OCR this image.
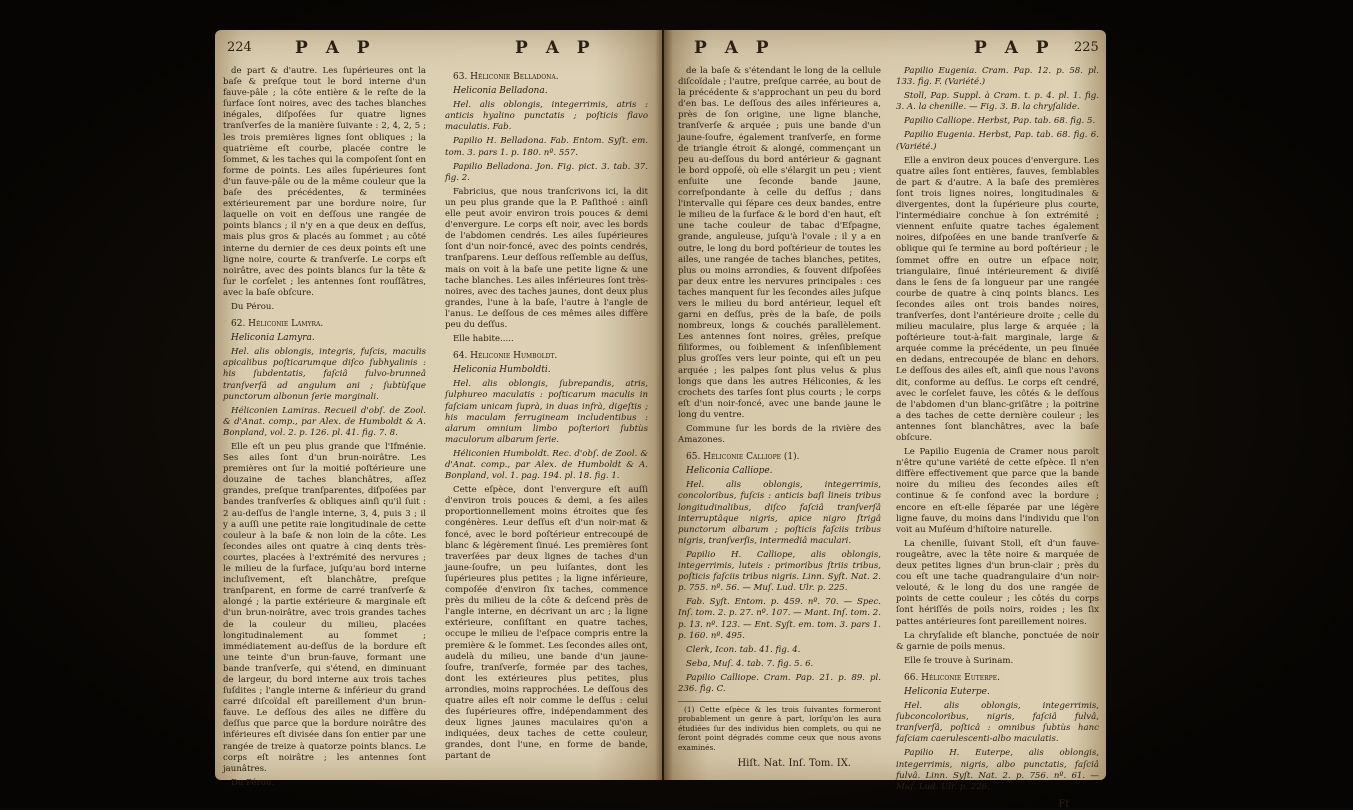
224	P A P	P A P

de part & d'autre. Les ſupérieures ont la baſe & preſque tout le bord interne d'un fauve-pâle ; la côte entière & le reſte de la ſurface ſont noires, avec des taches blanches inégales, diſpoſées ſur quatre lignes tranſverſes de la manière ſuivante : 2, 4, 2, 5 ; les trois premières lignes ſont obliques ; la quatrième eſt courbe, placée contre le ſommet, & les taches qui la compoſent ſont en forme de points. Les ailes ſupérieures ſont d'un fauve-pâle ou de la même couleur que la baſe des précédentes, & terminées extérieurement par une bordure noire, ſur laquelle on voit en deſſous une rangée de points blancs ; il n'y en a que deux en deſſus, mais plus gros & placés au ſommet ; au côté interne du dernier de ces deux points eſt une ligne noire, courte & tranſverſe. Le corps eſt noirâtre, avec des points blancs ſur la tête & ſur le corſelet ; les antennes ſont rouſſâtres, avec la baſe obſcure.

Du Pérou.

62. Héliconie Lamyra.

Heliconia Lamyra.

Hel. alis oblongis, integris, fuſcis, maculis apicalibus poſticarumque diſco ſubhyalinis : his ſubdentatis, faſciâ fulvo-brunneâ tranſverſâ ad angulum ani ; ſubtùſque punctorum albonun ſerie marginali.

Héliconien Lamiras. Recueil d'obſ. de Zool. & d'Anat. comp., par Alex. de Humboldt & A. Bonpland, vol. 2. p. 126. pl. 41. fig. 7. 8.

Elle eſt un peu plus grande que l'Ifménie. Ses ailes ſont d'un brun-noirâtre. Les premières ont ſur la moitié poſtérieure une douzaine de taches blanchâtres, aſſez grandes, preſque tranſparentes, diſpoſées par bandes tranſverſes & obliques ainſi qu'il ſuit : 2 au-deſſus de l'angle interne, 3, 4, puis 3 ; il y a auſſi une petite raie longitudinale de cette couleur à la baſe & non loin de la côte. Les ſecondes ailes ont quatre à cinq dents très-courtes, placées à l'extrémité des nervures ; le milieu de la ſurface, juſqu'au bord interne incluſivement, eſt blanchâtre, preſque tranſparent, en forme de carré tranſverſe & alongé ; la partie extérieure & marginale eſt d'un brun-noirâtre, avec trois grandes taches de la couleur du milieu, placées longitudinalement au ſommet ; immédiatement au-deſſus de la bordure eſt une teinte d'un brun-fauve, formant une bande tranſverſe, qui s'étend, en diminuant de largeur, du bord interne aux trois taches ſuſdites ; l'angle interne & inférieur du grand carré diſcoïdal eſt pareillement d'un brun-fauve. Le deſſous des ailes ne diffère du deſſus que parce que la bordure noirâtre des inférieures eſt divisée dans ſon entier par une rangée de treize à quatorze points blancs. Le corps eſt noirâtre ; les antennes ſont jaunâtres.

Du Pérou.

63. Héliconie Belladona.

Heliconia Belladona.

Hel. alis oblongis, integerrimis, atris : anticis hyalino punctatis ; poſticis flavo maculatis. Fab.

Papilio H. Belladona. Fab. Entom. Syſt. em. tom. 3. pars 1. p. 180. nº. 557.

Papilio Belladona. Jon. Fig. pict. 3. tab. 37. fig. 2.

Fabricius, que nous tranſcrivons ici, la dit un peu plus grande que la P. Paſithoé : ainſi elle peut avoir environ trois pouces & demi d'envergure. Le corps eſt noir, avec les bords de l'abdomen cendrés. Les ailes ſupérieures ſont d'un noir-foncé, avec des points cendrés, tranſparens. Leur deſſous reſſemble au deſſus, mais on voit à la baſe une petite ligne & une tache blanches. Les ailes inférieures ſont très-noires, avec des taches jaunes, dont deux plus grandes, l'une à la baſe, l'autre à l'angle de l'anus. Le deſſous de ces mêmes ailes diffère peu du deſſus.

Elle habite.....

64. Héliconie Humboldt.

Heliconia Humboldti.

Hel. alis oblongis, ſubrepandis, atris, ſulphureo maculatis : poſticarum maculis in faſciam unicam ſuprà, in duas infrà, digeſtis ; his maculam ferrugineam includentibus : alarum omnium limbo poſteriori ſubtùs maculorum albarum ſerie.

Héliconien Humboldt. Rec. d'obſ. de Zool. & d'Anat. comp., par Alex. de Humboldt & A. Bonpland, vol. 1. pag. 194. pl. 18. fig. 1.

Cette eſpèce, dont l'envergure eſt auſſi d'environ trois pouces & demi, a ſes ailes proportionnellement moins étroites que ſes congénères. Leur deſſus eſt d'un noir-mat & foncé, avec le bord poſtérieur entrecoupé de blanc & légèrement ſinué. Les premières ſont traverſées par deux lignes de taches d'un jaune-ſoufre, un peu luiſantes, dont les ſupérieures plus petites ; la ligne inférieure, compoſée d'environ ſix taches, commence près du milieu de la côte & deſcend près de l'angle interne, en décrivant un arc ; la ligne extérieure, conſiſtant en quatre taches, occupe le milieu de l'eſpace compris entre la première & le ſommet. Les ſecondes ailes ont, audelà du milieu, une bande d'un jaune-ſoufre, tranſverſe, formée par des taches, dont les extérieures plus petites, plus arrondies, moins rapprochées. Le deſſous des quatre ailes eſt noir comme le deſſus : celui des ſupérieures offre, indépendamment des deux lignes jaunes maculaires qu'on a indiquées, deux taches de cette couleur, grandes, dont l'une, en forme de bande, partant de

P A P	P A P 225

de la baſe & s'étendant le long de la cellule diſcoïdale ; l'autre, preſque carrée, au bout de la précédente & s'approchant un peu du bord d'en bas. Le deſſous des ailes inférieures a, près de ſon origine, une ligne blanche, tranſverſe & arquée ; puis une bande d'un jaune-ſoufre, également tranſverſe, en forme de triangle étroit & alongé, commençant un peu au-deſſous du bord antérieur & gagnant le bord oppoſé, où elle s'élargit un peu ; vient enſuite une ſeconde bande jaune, correſpondante à celle du deſſus ; dans l'intervalle qui ſépare ces deux bandes, entre le milieu de la ſurface & le bord d'en haut, eſt une tache couleur de tabac d'Eſpagne, grande, anguleuse, juſqu'à l'ovale ; il y a en outre, le long du bord poſtérieur de toutes les ailes, une rangée de taches blanches, petites, plus ou moins arrondies, & ſouvent diſpoſées par deux entre les nervures principales : ces taches manquent ſur les ſecondes ailes juſque vers le milieu du bord antérieur, lequel eſt garni en deſſus, près de la baſe, de poils nombreux, longs & couchés parallèlement. Les antennes ſont noires, grêles, preſque filiformes, ou foiblement & inſenſiblement plus groſſes vers leur pointe, qui eſt un peu arquée ; les palpes ſont plus velus & plus longs que dans les autres Héliconies, & les crochets des tarſes ſont plus courts ; le corps eſt d'un noir-foncé, avec une bande jaune le long du ventre.

Commune ſur les bords de la rivière des Amazones.

65. Héliconie Calliope (1).

Heliconia Calliope.

Hel. alis oblongis, integerrimis, concoloribus, fuſcis : anticis baſi lineis tribus longitudinalibus, diſco faſciâ tranſverſâ interruptâque nigris, apice nigro ſtrigâ punctorum albarum ; poſticis faſciis tribus nigris, tranſverſis, intermediâ maculari.

Papilio H. Calliope, alis oblongis, integerrimis, luteis : primoribus ſtriis tribus, poſticis faſciis tribus nigris. Linn. Syſt. Nat. 2. p. 755. nº. 56. — Muſ. Lud. Ulr. p. 225.

Fab. Syſt. Entom. p. 459. nº. 70. — Spec. Inſ. tom. 2. p. 27. nº. 107. — Mant. Inſ. tom. 2. p. 13. nº. 123. — Ent. Syſt. em. tom. 3. pars 1. p. 160. nº. 495.

Clerk, Icon. tab. 41. fig. 4.

Seba, Muſ. 4. tab. 7. fig. 5. 6.

Papilio Calliope. Cram. Pap. 21. p. 89. pl. 236. fig. C.

(1) Cette eſpèce & les trois ſuivantes formeront probablement un genre à part, lorſqu'on les aura étudiées ſur des individus bien complets, ou qui ne ſeront point dégradés comme ceux que nous avons examinés.

Hiſt. Nat. Inſ. Tom. IX.

Papilio Eugenia. Cram. Pap. 12. p. 58. pl. 133. fig. F. (Variété.)

Stoll, Pap. Suppl. à Cram. t. p. 4. pl. 1. fig. 3. A. la chenille. — Fig. 3. B. la chryſalide.

Papilio Calliope. Herbst, Pap. tab. 68. fig. 5.

Papilio Eugenia. Herbst, Pap. tab. 68. fig. 6. (Variété.)

Elle a environ deux pouces d'envergure. Les quatre ailes ſont entières, fauves, ſemblables de part & d'autre. A la baſe des premières ſont trois lignes noires, longitudinales & divergentes, dont la ſupérieure plus courte, l'intermédiaire conchue à ſon extrémité ; viennent enſuite quatre taches également noires, diſpoſées en une bande tranſverſe & oblique qui ſe termine au bord poſtérieur ; le ſommet offre en outre un eſpace noir, triangulaire, ſinué intérieurement & diviſé dans le ſens de ſa longueur par une rangée courbe de quatre à cinq points blancs. Les ſecondes ailes ont trois bandes noires, tranſverſes, dont l'antérieure droite ; celle du milieu maculaire, plus large & arquée ; la poſtérieure tout-à-fait marginale, large & arquée comme la précédente, un peu ſinuée en dedans, entrecoupée de blanc en dehors. Le deſſous des ailes eſt, ainſi que nous l'avons dit, conforme au deſſus. Le corps eſt cendré, avec le corſelet fauve, les côtés & le deſſous de l'abdomen d'un blanc-griſâtre ; la poitrine a des taches de cette dernière couleur ; les antennes ſont blanchâtres, avec la baſe obſcure.

Le Papilio Eugenia de Cramer nous paroît n'être qu'une variété de cette eſpèce. Il n'en diffère effectivement que parce que la bande noire du milieu des ſecondes ailes eſt continue & ſe confond avec la bordure ; encore en eſt-elle ſéparée par une légère ligne fauve, du moins dans l'individu que l'on voit au Muſéum d'hiſtoire naturelle.

La chenille, ſuivant Stoll, eſt d'un fauve-rougeâtre, avec la tête noire & marquée de deux petites lignes d'un brun-clair ; près du cou eſt une tache quadrangulaire d'un noir-velouté, & le long du dos une rangée de points de cette couleur ; les côtés du corps ſont hériſſés de poils noirs, roides ; les ſix pattes antérieures ſont pareillement noires.

La chryſalide eſt blanche, ponctuée de noir & garnie de poils menus.

Elle ſe trouve à Surinam.

66. Héliconie Euterpe.

Heliconia Euterpe.

Hel. alis oblongis, integerrimis, ſubconcoloribus, nigris, faſciâ fulvâ, tranſverſâ, poſticâ : omnibus ſubtùs hanc faſciam caerulescenti-albo maculatis.

Papilio H. Euterpe, alis oblongis, integerrimis, nigris, albo punctatis, faſciâ fulvâ. Linn. Syſt. Nat. 2. p. 756. nº. 61. — Muſ. Lud. Ulr. p. 226.

Ff
